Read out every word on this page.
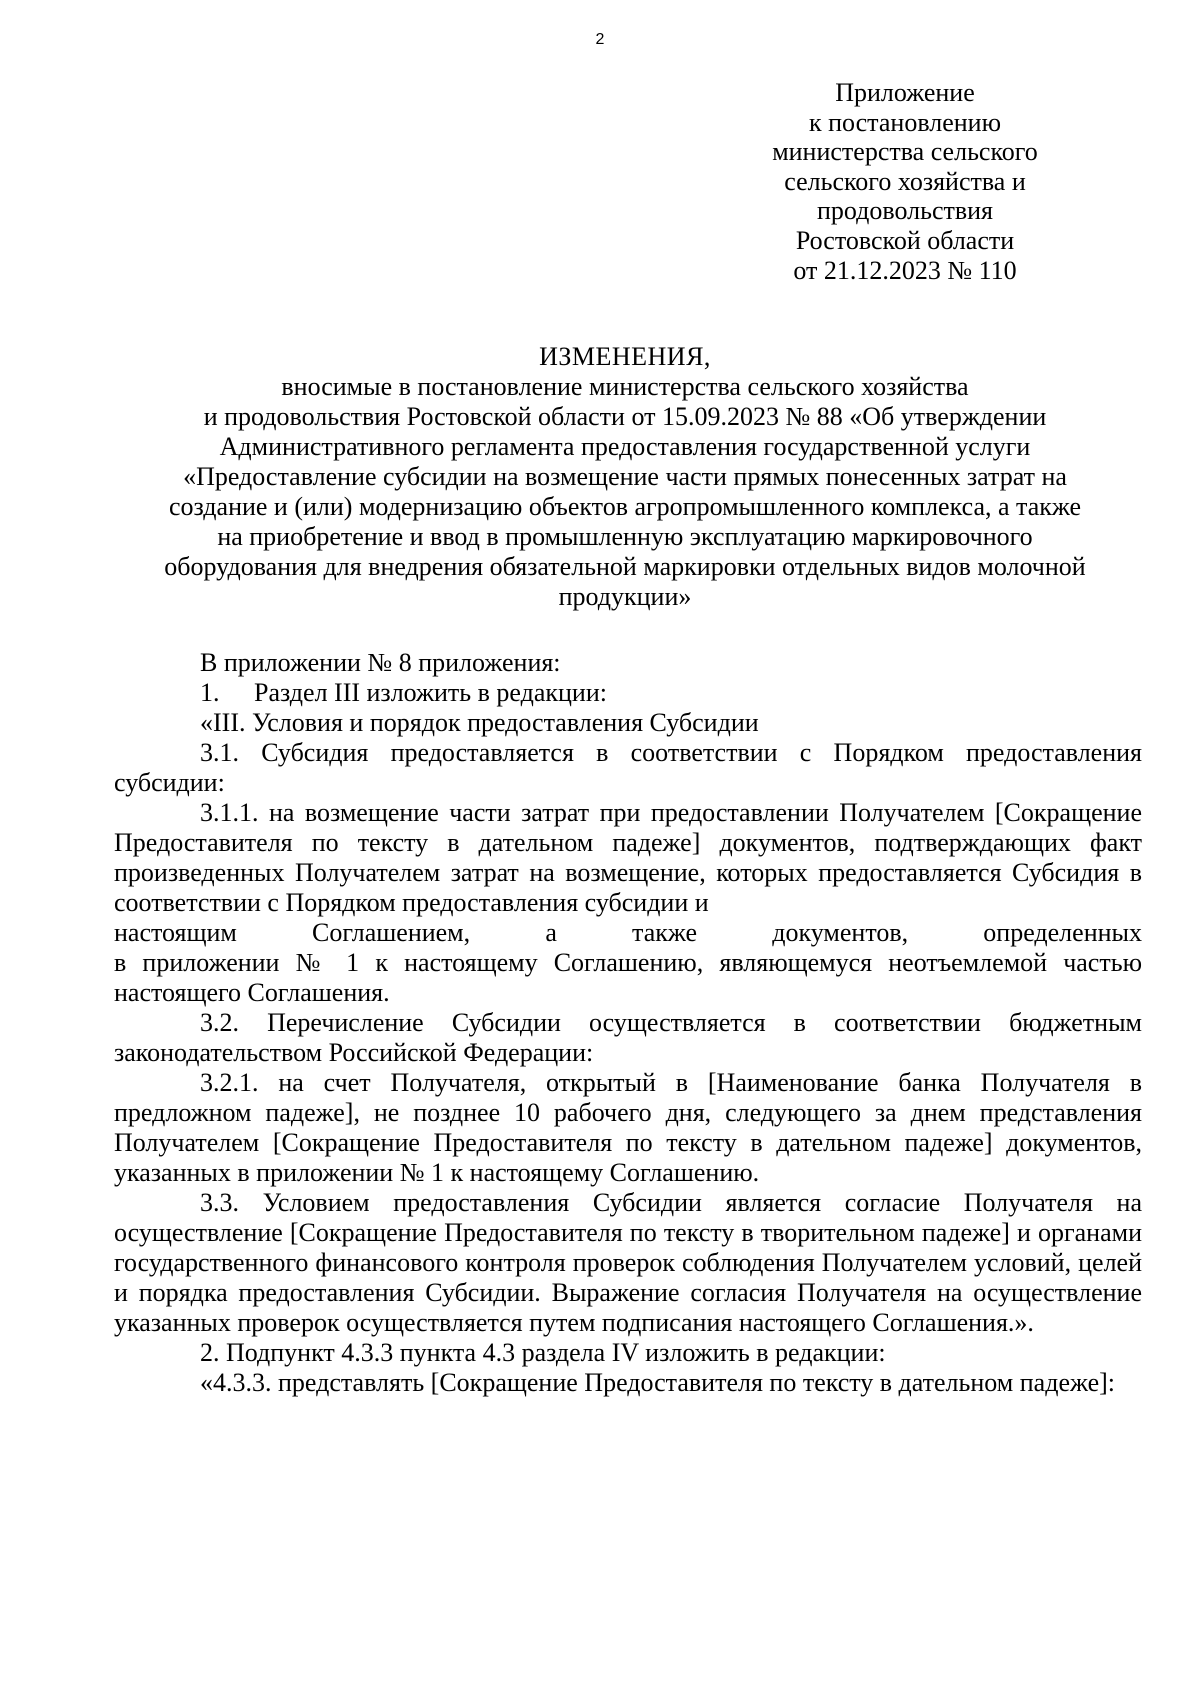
2
Приложение
к постановлению
министерства сельского
сельского хозяйства и
продовольствия
Ростовской области
от 21.12.2023 № 110
ИЗМЕНЕНИЯ,
вносимые в постановление министерства сельского хозяйства
и продовольствия Ростовской области от 15.09.2023 № 88 «Об утверждении
Административного регламента предоставления государственной услуги
«Предоставление субсидии на возмещение части прямых понесенных затрат на
создание и (или) модернизацию объектов агропромышленного комплекса, а также
на приобретение и ввод в промышленную эксплуатацию маркировочного
оборудования для внедрения обязательной маркировки отдельных видов молочной
продукции»

В приложении № 8 приложения:

1. Раздел III изложить в редакции:

«III. Условия и порядок предоставления Субсидии

3.1. Субсидия предоставляется в соответствии с Порядком предоставления субсидии:

3.1.1. на возмещение части затрат при предоставлении Получателем [Сокращение Предоставителя по тексту в дательном падеже] документов, подтверждающих факт произведенных Получателем затрат на возмещение, которых предоставляется Субсидия в соответствии с Порядком предоставления субсидии и

настоящим Соглашением, а также документов, определенных

в приложении № 1 к настоящему Соглашению, являющемуся неотъемлемой частью настоящего Соглашения.

3.2. Перечисление Субсидии осуществляется в соответствии бюджетным законодательством Российской Федерации:

3.2.1. на счет Получателя, открытый в [Наименование банка Получателя в предложном падеже], не позднее 10 рабочего дня, следующего за днем представления Получателем [Сокращение Предоставителя по тексту в дательном падеже] документов, указанных в приложении № 1 к настоящему Соглашению.

3.3. Условием предоставления Субсидии является согласие Получателя на осуществление [Сокращение Предоставителя по тексту в творительном падеже] и органами государственного финансового контроля проверок соблюдения Получателем условий, целей и порядка предоставления Субсидии. Выражение согласия Получателя на осуществление указанных проверок осуществляется путем подписания настоящего Соглашения.».

2. Подпункт 4.3.3 пункта 4.3 раздела IV изложить в редакции:

«4.3.3. представлять [Сокращение Предоставителя по тексту в дательном падеже]:
